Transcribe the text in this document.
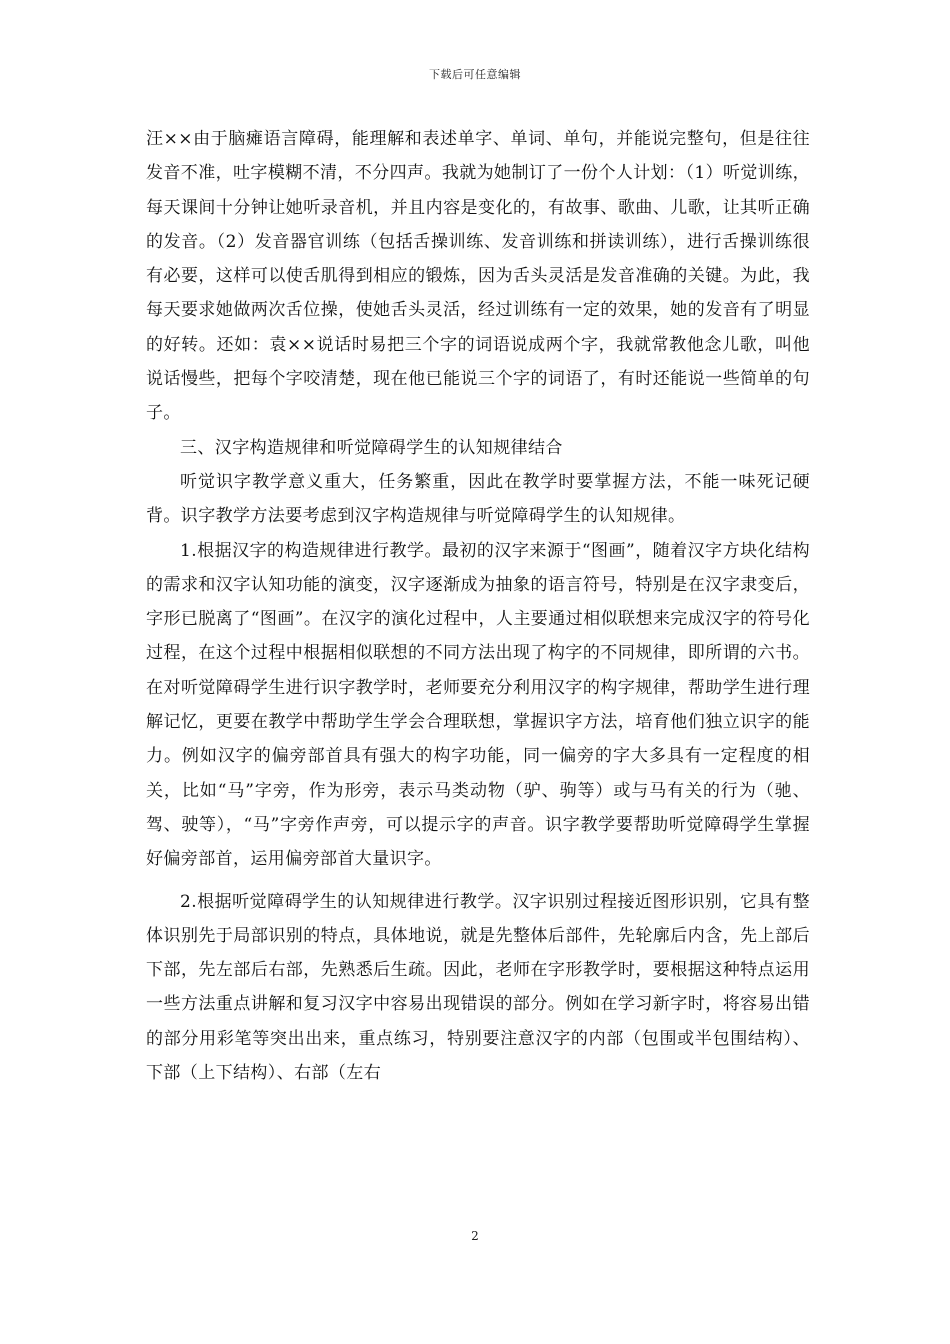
下载后可任意编辑

汪××由于脑瘫语言障碍，能理解和表述单字、单词、单句，并能说完整句，但是往往发音不准，吐字模糊不清，不分四声。我就为她制订了一份个人计划：（1）听觉训练，每天课间十分钟让她听录音机，并且内容是变化的，有故事、歌曲、儿歌，让其听正确的发音。（2）发音器官训练（包括舌操训练、发音训练和拼读训练），进行舌操训练很有必要，这样可以使舌肌得到相应的锻炼，因为舌头灵活是发音准确的关键。为此，我每天要求她做两次舌位操，使她舌头灵活，经过训练有一定的效果，她的发音有了明显的好转。还如：袁××说话时易把三个字的词语说成两个字，我就常教他念儿歌，叫他说话慢些，把每个字咬清楚，现在他已能说三个字的词语了，有时还能说一些简单的句子。

三、汉字构造规律和听觉障碍学生的认知规律结合

听觉识字教学意义重大，任务繁重，因此在教学时要掌握方法，不能一味死记硬背。识字教学方法要考虑到汉字构造规律与听觉障碍学生的认知规律。

1.根据汉字的构造规律进行教学。最初的汉字来源于“图画”，随着汉字方块化结构的需求和汉字认知功能的演变，汉字逐渐成为抽象的语言符号，特别是在汉字隶变后，字形已脱离了“图画”。在汉字的演化过程中，人主要通过相似联想来完成汉字的符号化过程，在这个过程中根据相似联想的不同方法出现了构字的不同规律，即所谓的六书。在对听觉障碍学生进行识字教学时，老师要充分利用汉字的构字规律，帮助学生进行理解记忆，更要在教学中帮助学生学会合理联想，掌握识字方法，培育他们独立识字的能力。例如汉字的偏旁部首具有强大的构字功能，同一偏旁的字大多具有一定程度的相关，比如“马”字旁，作为形旁，表示马类动物（驴、驹等）或与马有关的行为（驰、驾、驶等），“马”字旁作声旁，可以提示字的声音。识字教学要帮助听觉障碍学生掌握好偏旁部首，运用偏旁部首大量识字。

2.根据听觉障碍学生的认知规律进行教学。汉字识别过程接近图形识别，它具有整体识别先于局部识别的特点，具体地说，就是先整体后部件，先轮廓后内含，先上部后下部，先左部后右部，先熟悉后生疏。因此，老师在字形教学时，要根据这种特点运用一些方法重点讲解和复习汉字中容易出现错误的部分。例如在学习新字时，将容易出错的部分用彩笔等突出出来，重点练习，特别要注意汉字的内部（包围或半包围结构）、下部（上下结构）、右部（左右

2
